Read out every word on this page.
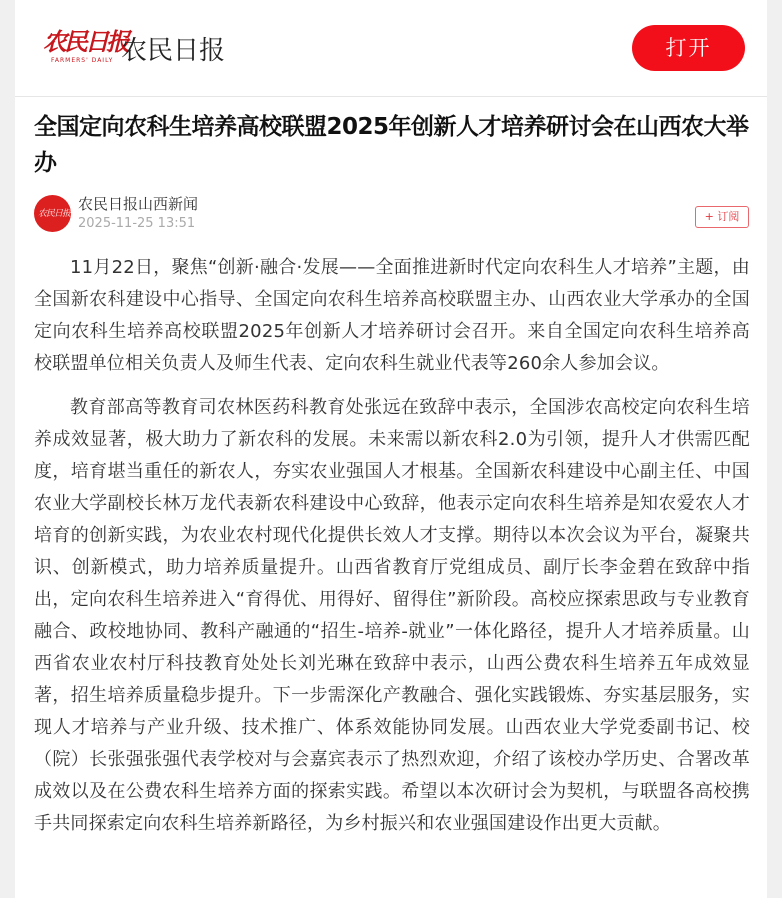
农民日报
FARMERS' DAILY 农民日报	打开
全国定向农科生培养高校联盟2025年创新人才培养研讨会在山西农大举办
农民日报
农民日报山西新闻
2025-11-25 13:51	+ 订阅

11月22日，聚焦“创新·融合·发展——全面推进新时代定向农科生人才培养”主题，由全国新农科建设中心指导、全国定向农科生培养高校联盟主办、山西农业大学承办的全国定向农科生培养高校联盟2025年创新人才培养研讨会召开。来自全国定向农科生培养高校联盟单位相关负责人及师生代表、定向农科生就业代表等260余人参加会议。

教育部高等教育司农林医药科教育处张远在致辞中表示，全国涉农高校定向农科生培养成效显著，极大助力了新农科的发展。未来需以新农科2.0为引领，提升人才供需匹配度，培育堪当重任的新农人，夯实农业强国人才根基。全国新农科建设中心副主任、中国农业大学副校长林万龙代表新农科建设中心致辞，他表示定向农科生培养是知农爱农人才培育的创新实践，为农业农村现代化提供长效人才支撑。期待以本次会议为平台，凝聚共识、创新模式，助力培养质量提升。山西省教育厅党组成员、副厅长李金碧在致辞中指出，定向农科生培养进入“育得优、用得好、留得住”新阶段。高校应探索思政与专业教育融合、政校地协同、教科产融通的“招生-培养-就业”一体化路径，提升人才培养质量。山西省农业农村厅科技教育处处长刘光琳在致辞中表示，山西公费农科生培养五年成效显著，招生培养质量稳步提升。下一步需深化产教融合、强化实践锻炼、夯实基层服务，实现人才培养与产业升级、技术推广、体系效能协同发展。山西农业大学党委副书记、校（院）长张强张强代表学校对与会嘉宾表示了热烈欢迎，介绍了该校办学历史、合署改革成效以及在公费农科生培养方面的探索实践。希望以本次研讨会为契机，与联盟各高校携手共同探索定向农科生培养新路径，为乡村振兴和农业强国建设作出更大贡献。
